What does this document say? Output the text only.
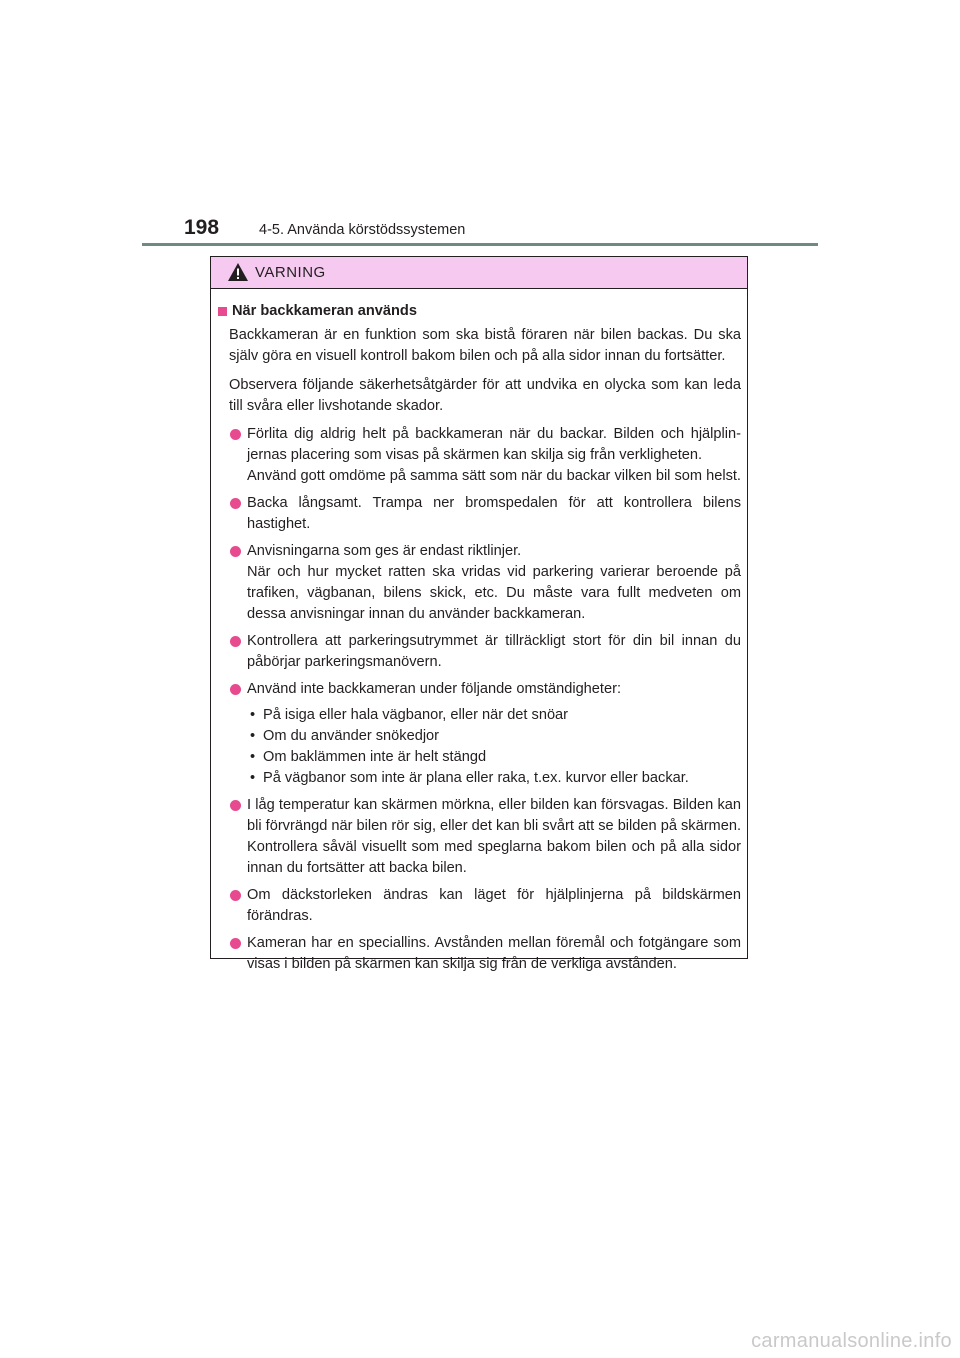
198	4-5. Använda körstödssystemen
VARNING
När backkameran används

Backkameran är en funktion som ska bistå föraren när bilen backas. Du ska själv göra en visuell kontroll bakom bilen och på alla sidor innan du fortsätter.

Observera följande säkerhetsåtgärder för att undvika en olycka som kan leda till svåra eller livshotande skador.

Förlita dig aldrig helt på backkameran när du backar. Bilden och hjälplin-jernas placering som visas på skärmen kan skilja sig från verkligheten.
Använd gott omdöme på samma sätt som när du backar vilken bil som helst.
Backa långsamt. Trampa ner bromspedalen för att kontrollera bilens hastighet.
Anvisningarna som ges är endast riktlinjer.
När och hur mycket ratten ska vridas vid parkering varierar beroende på trafiken, vägbanan, bilens skick, etc. Du måste vara fullt medveten om dessa anvisningar innan du använder backkameran.
Kontrollera att parkeringsutrymmet är tillräckligt stort för din bil innan du påbörjar parkeringsmanövern.
Använd inte backkameran under följande omständigheter:
• På isiga eller hala vägbanor, eller när det snöar
• Om du använder snökedjor
• Om baklämmen inte är helt stängd
• På vägbanor som inte är plana eller raka, t.ex. kurvor eller backar.
I låg temperatur kan skärmen mörkna, eller bilden kan försvagas. Bilden kan bli förvrängd när bilen rör sig, eller det kan bli svårt att se bilden på skärmen. Kontrollera såväl visuellt som med speglarna bakom bilen och på alla sidor innan du fortsätter att backa bilen.
Om däckstorleken ändras kan läget för hjälplinjerna på bildskärmen förändras.
Kameran har en speciallins. Avstånden mellan föremål och fotgängare som visas i bilden på skärmen kan skilja sig från de verkliga avstånden.
carmanualsonline.info
